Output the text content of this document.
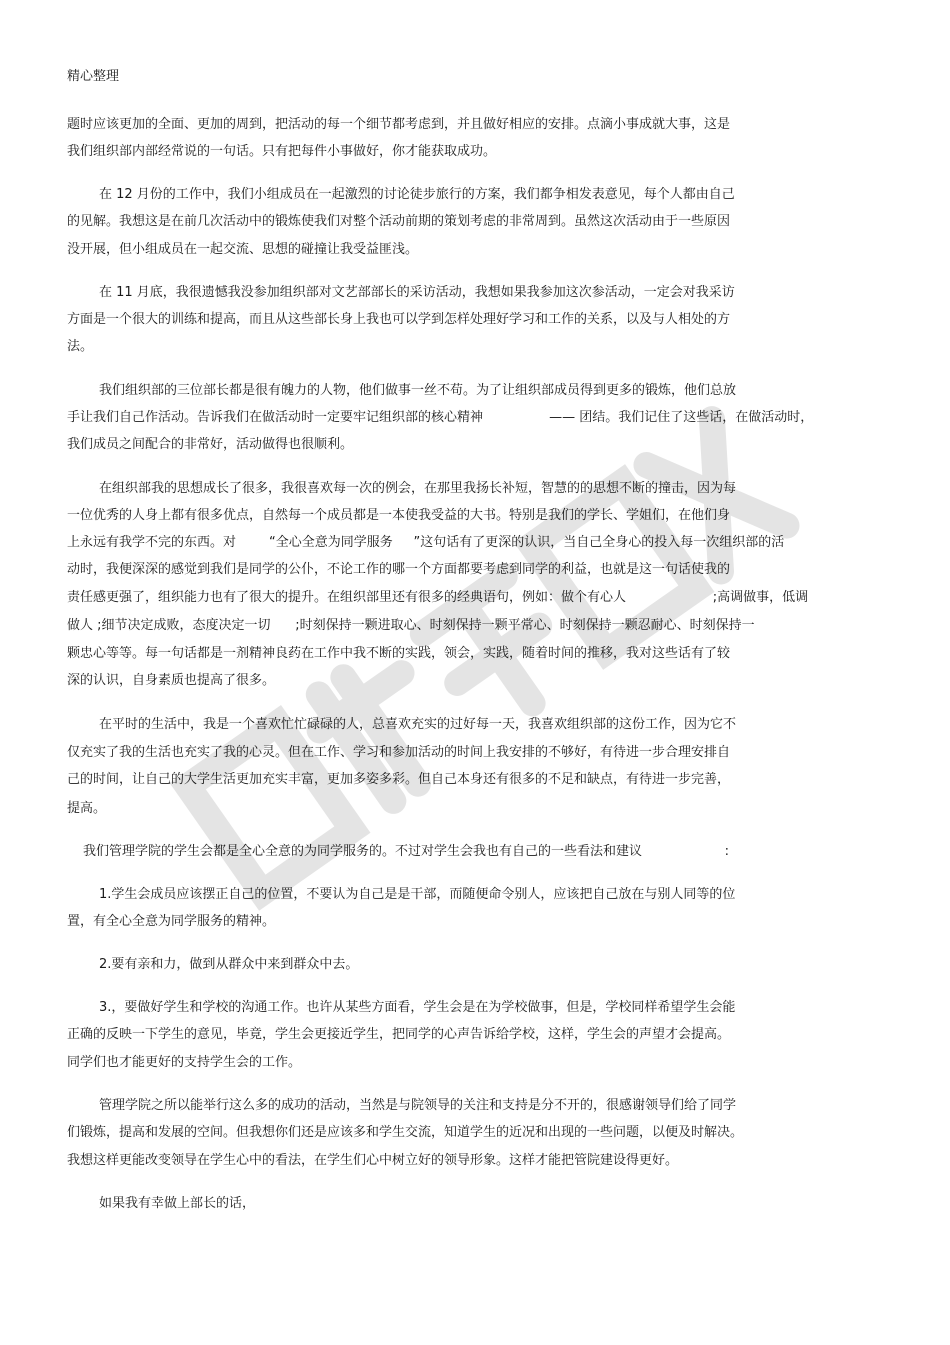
精心整理
题时应该更加的全面、更加的周到，把活动的每一个细节都考虑到，并且做好相应的安排。点滴小事成就大事，这是
我们组织部内部经常说的一句话。只有把每件小事做好，你才能获取成功。
在 12 月份的工作中，我们小组成员在一起激烈的讨论徒步旅行的方案，我们都争相发表意见，每个人都由自己
的见解。我想这是在前几次活动中的锻炼使我们对整个活动前期的策划考虑的非常周到。虽然这次活动由于一些原因
没开展，但小组成员在一起交流、思想的碰撞让我受益匪浅。
在 11 月底，我很遗憾我没参加组织部对文艺部部长的采访活动，我想如果我参加这次参活动，一定会对我采访
方面是一个很大的训练和提高，而且从这些部长身上我也可以学到怎样处理好学习和工作的关系，以及与人相处的方
法。
我们组织部的三位部长都是很有魄力的人物，他们做事一丝不苟。为了让组织部成员得到更多的锻炼，他们总放
手让我们自己作活动。告诉我们在做活动时一定要牢记组织部的核心精神                —— 团结。我们记住了这些话，在做活动时，
我们成员之间配合的非常好，活动做得也很顺利。
在组织部我的思想成长了很多，我很喜欢每一次的例会，在那里我扬长补短，智慧的的思想不断的撞击，因为每
一位优秀的人身上都有很多优点，自然每一个成员都是一本使我受益的大书。特别是我们的学长、学姐们，在他们身
上永远有我学不完的东西。对        “全心全意为同学服务     ”这句话有了更深的认识，当自己全身心的投入每一次组织部的活
动时，我便深深的感觉到我们是同学的公仆，不论工作的哪一个方面都要考虑到同学的利益，也就是这一句话使我的
责任感更强了，组织能力也有了很大的提升。在组织部里还有很多的经典语句，例如：做个有心人                     ;高调做事，低调
做人 ;细节决定成败，态度决定一切      ;时刻保持一颗进取心、时刻保持一颗平常心、时刻保持一颗忍耐心、时刻保持一
颗忠心等等。每一句话都是一剂精神良药在工作中我不断的实践，领会，实践，随着时间的推移，我对这些话有了较
深的认识，自身素质也提高了很多。
在平时的生活中，我是一个喜欢忙忙碌碌的人，总喜欢充实的过好每一天，我喜欢组织部的这份工作，因为它不
仅充实了我的生活也充实了我的心灵。但在工作、学习和参加活动的时间上我安排的不够好，有待进一步合理安排自
己的时间，让自己的大学生活更加充实丰富，更加多姿多彩。但自己本身还有很多的不足和缺点，有待进一步完善，
提高。
我们管理学院的学生会都是全心全意的为同学服务的。不过对学生会我也有自己的一些看法和建议                    :
1.学生会成员应该摆正自己的位置，不要认为自己是是干部，而随便命令别人，应该把自己放在与别人同等的位
置，有全心全意为同学服务的精神。
2.要有亲和力，做到从群众中来到群众中去。
3.，要做好学生和学校的沟通工作。也许从某些方面看，学生会是在为学校做事，但是，学校同样希望学生会能
正确的反映一下学生的意见，毕竟，学生会更接近学生，把同学的心声告诉给学校，这样，学生会的声望才会提高。
同学们也才能更好的支持学生会的工作。
管理学院之所以能举行这么多的成功的活动，当然是与院领导的关注和支持是分不开的，很感谢领导们给了同学
们锻炼，提高和发展的空间。但我想你们还是应该多和学生交流，知道学生的近况和出现的一些问题，以便及时解决。
我想这样更能改变领导在学生心中的看法，在学生们心中树立好的领导形象。这样才能把管院建设得更好。
如果我有幸做上部长的话，
